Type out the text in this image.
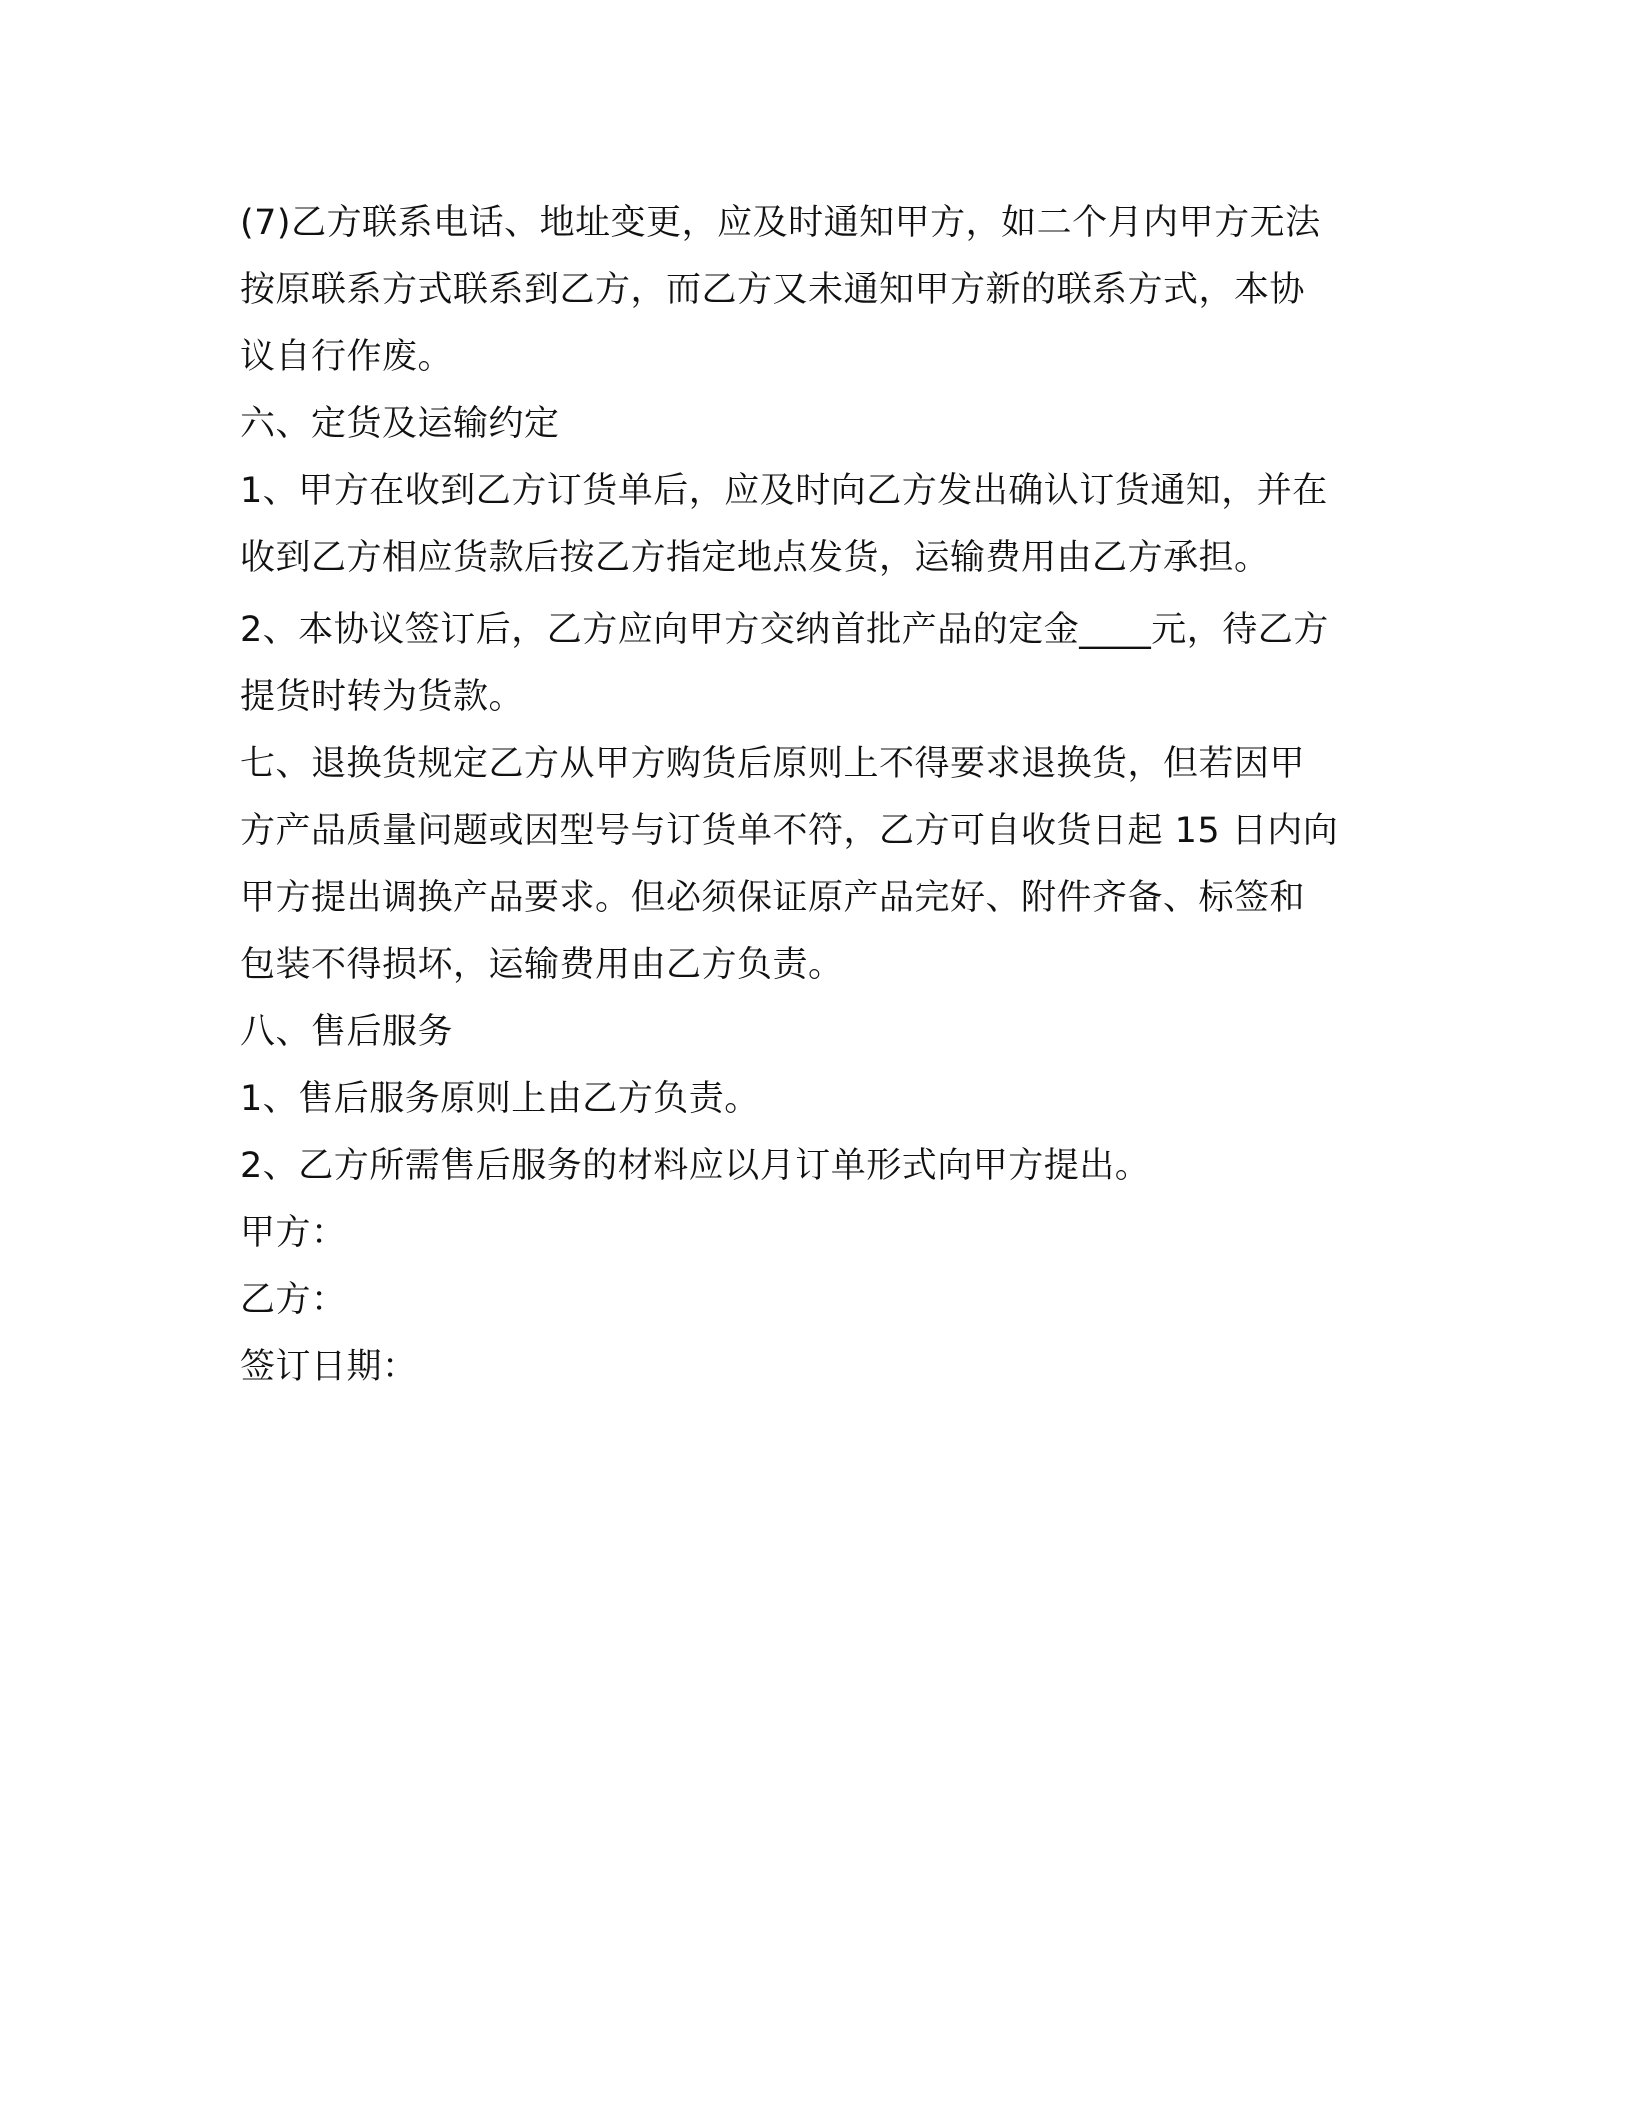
(7)乙方联系电话、地址变更，应及时通知甲方，如二个月内甲方无法
按原联系方式联系到乙方，而乙方又未通知甲方新的联系方式，本协
议自行作废。
六、定货及运输约定
1、甲方在收到乙方订货单后，应及时向乙方发出确认订货通知，并在
收到乙方相应货款后按乙方指定地点发货，运输费用由乙方承担。
2、本协议签订后，乙方应向甲方交纳首批产品的定金____元，待乙方
提货时转为货款。
七、退换货规定乙方从甲方购货后原则上不得要求退换货，但若因甲
方产品质量问题或因型号与订货单不符，乙方可自收货日起 15 日内向
甲方提出调换产品要求。但必须保证原产品完好、附件齐备、标签和
包装不得损坏，运输费用由乙方负责。
八、售后服务
1、售后服务原则上由乙方负责。
2、乙方所需售后服务的材料应以月订单形式向甲方提出。
甲方：
乙方：
签订日期：
